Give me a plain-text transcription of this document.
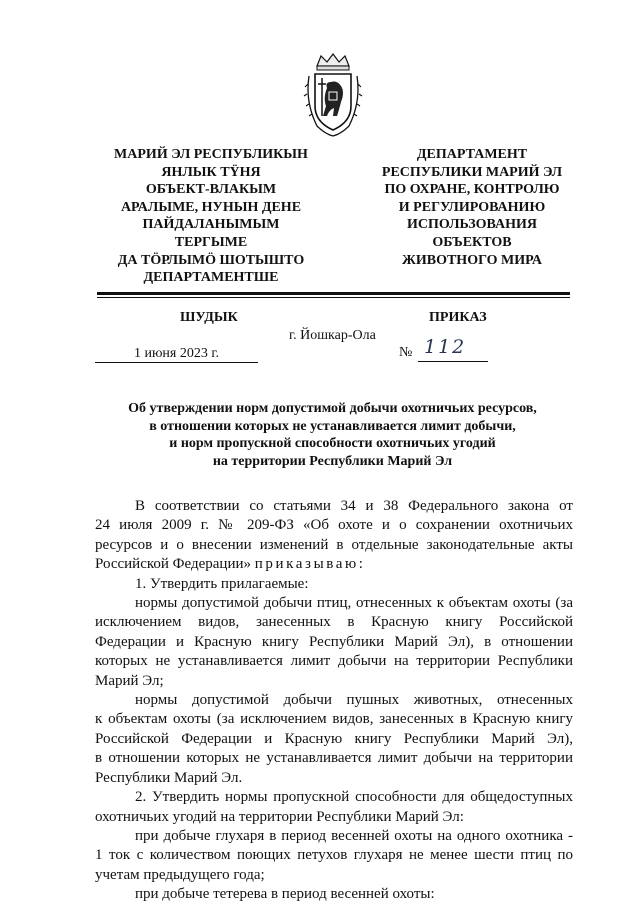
МАРИЙ ЭЛ РЕСПУБЛИКЫН
ЯНЛЫК ТŸНЯ
ОБЪЕКТ-ВЛАКЫМ
АРАЛЫМЕ, НУНЫН ДЕНЕ
ПАЙДАЛАНЫМЫМ
ТЕРГЫМЕ
ДА ТÖРЛЫМÖ ШОТЫШТО
ДЕПАРТАМЕНТШЕ
ДЕПАРТАМЕНТ
РЕСПУБЛИКИ МАРИЙ ЭЛ
ПО ОХРАНЕ, КОНТРОЛЮ
И РЕГУЛИРОВАНИЮ
ИСПОЛЬЗОВАНИЯ
ОБЪЕКТОВ
ЖИВОТНОГО МИРА
ШУДЫК	ПРИКАЗ
г. Йошкар-Ола
1 июня 2023 г.	№ 112
Об утверждении норм допустимой добычи охотничьих ресурсов,
в отношении которых не устанавливается лимит добычи,
и норм пропускной способности охотничьих угодий
на территории Республики Марий Эл

В соответствии со статьями 34 и 38 Федерального закона от

24 июля 2009 г. № 209-ФЗ «Об охоте и о сохранении охотничьих

ресурсов и о внесении изменений в отдельные законодательные акты

Российской Федерации» приказываю:

1. Утвердить прилагаемые:

нормы допустимой добычи птиц, отнесенных к объектам охоты (за

исключением видов, занесенных в Красную книгу Российской

Федерации и Красную книгу Республики Марий Эл), в отношении

которых не устанавливается лимит добычи на территории Республики

Марий Эл;

нормы допустимой добычи пушных животных, отнесенных

к объектам охоты (за исключением видов, занесенных в Красную книгу

Российской Федерации и Красную книгу Республики Марий Эл),

в отношении которых не устанавливается лимит добычи на территории

Республики Марий Эл.

2. Утвердить нормы пропускной способности для общедоступных

охотничьих угодий на территории Республики Марий Эл:

при добыче глухаря в период весенней охоты на одного охотника -

1 ток с количеством поющих петухов глухаря не менее шести птиц по

учетам предыдущего года;

при добыче тетерева в период весенней охоты:
